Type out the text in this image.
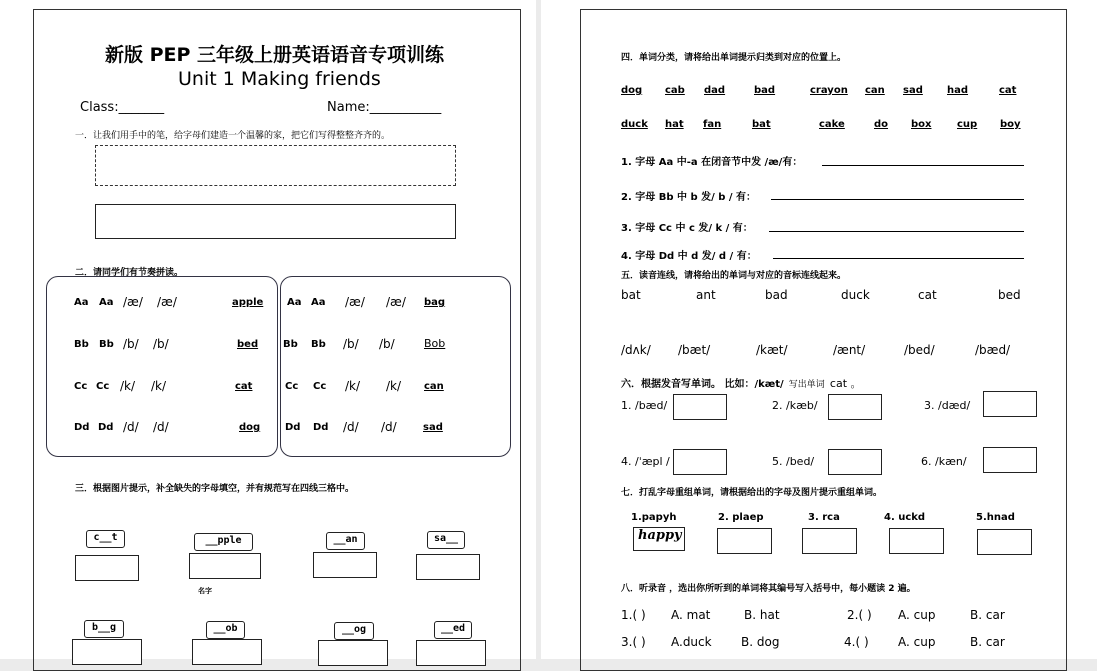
新版 PEP 三年级上册英语语音专项训练
Unit 1 Making friends
Class:_______	Name:___________
一．让我们用手中的笔，给字母们建造一个温馨的家，把它们写得整整齐齐的。
二．请同学们有节奏拼读。
Aa Aa /æ/ /æ/	apple
Bb Bb /b/ /b/	bed
Cc Cc /k/ /k/	cat
Dd Dd /d/ /d/	dog
Aa Aa /æ/ /æ/ bag
Bb Bb /b/ /b/	Bob
Cc Cc /k/ /k/ can
Dd Dd /d/ /d/	sad
三．根据图片提示，补全缺失的字母填空，并有规范写在四线三格中。
c__t	__pple
名字
__an	sa__
b__g	__ob	__og	__ed
四．单词分类，请将给出单词提示归类到对应的位置上。
dog cab dad	bad	crayon can sad had	cat
duck hat fan	bat	cake	do box	cup boy
1. 字母 Aa 中-a 在闭音节中发 /æ/有：
2. 字母 Bb 中 b 发/ b / 有：
3. 字母 Cc 中 c 发/ k / 有：
4. 字母 Dd 中 d 发/ d / 有：
五．读音连线，请将给出的单词与对应的音标连线起来。
bat	ant	bad	duck	cat	bed
/dʌk/ /bæt/	/kæt/	/ænt/	/bed/	/bæd/
六．根据发音写单词。 比如：/kæt/ 写出单词 cat 。
1. /bæd/	2. /kæb/	3. /dæd/
4. /ˈæpl /	5. /bed/	6. /kæn/
七．打乱字母重组单词，请根据给出的字母及图片提示重组单词。
1.papyh
happy
2. plaep	3. rca	4. uckd	5.hnad
八．听录音 ，选出你所听到的单词将其编号写入括号中，每小题读 2 遍。
1.( ) A. mat	B. hat	2.( ) A. cup	B. car
3.( ) A.duck B. dog	4.( ) A. cup	B. car
